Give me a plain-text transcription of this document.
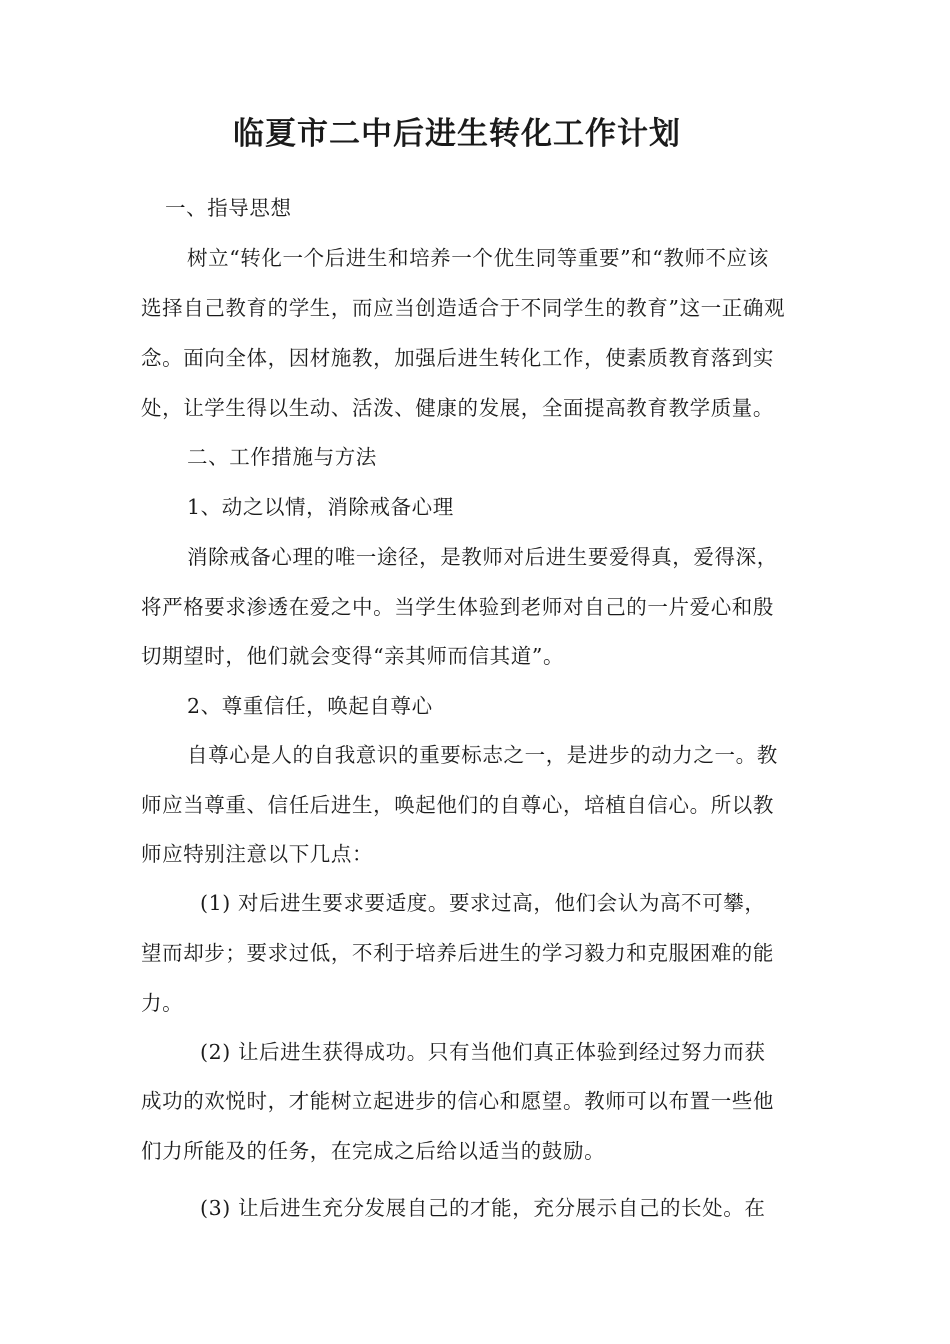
临夏市二中后进生转化工作计划

一、指导思想

树立“转化一个后进生和培养一个优生同等重要”和“教师不应该

选择自己教育的学生，而应当创造适合于不同学生的教育”这一正确观

念。面向全体，因材施教，加强后进生转化工作，使素质教育落到实

处，让学生得以生动、活泼、健康的发展，全面提高教育教学质量。

二、工作措施与方法

1、动之以情，消除戒备心理

消除戒备心理的唯一途径，是教师对后进生要爱得真，爱得深，

将严格要求渗透在爱之中。当学生体验到老师对自己的一片爱心和殷

切期望时，他们就会变得“亲其师而信其道”。

2、尊重信任，唤起自尊心

自尊心是人的自我意识的重要标志之一，是进步的动力之一。教

师应当尊重、信任后进生，唤起他们的自尊心，培植自信心。所以教

师应特别注意以下几点：

(1) 对后进生要求要适度。要求过高，他们会认为高不可攀，

望而却步；要求过低，不利于培养后进生的学习毅力和克服困难的能

力。

(2) 让后进生获得成功。只有当他们真正体验到经过努力而获

成功的欢悦时，才能树立起进步的信心和愿望。教师可以布置一些他

们力所能及的任务，在完成之后给以适当的鼓励。

(3) 让后进生充分发展自己的才能，充分展示自己的长处。在
